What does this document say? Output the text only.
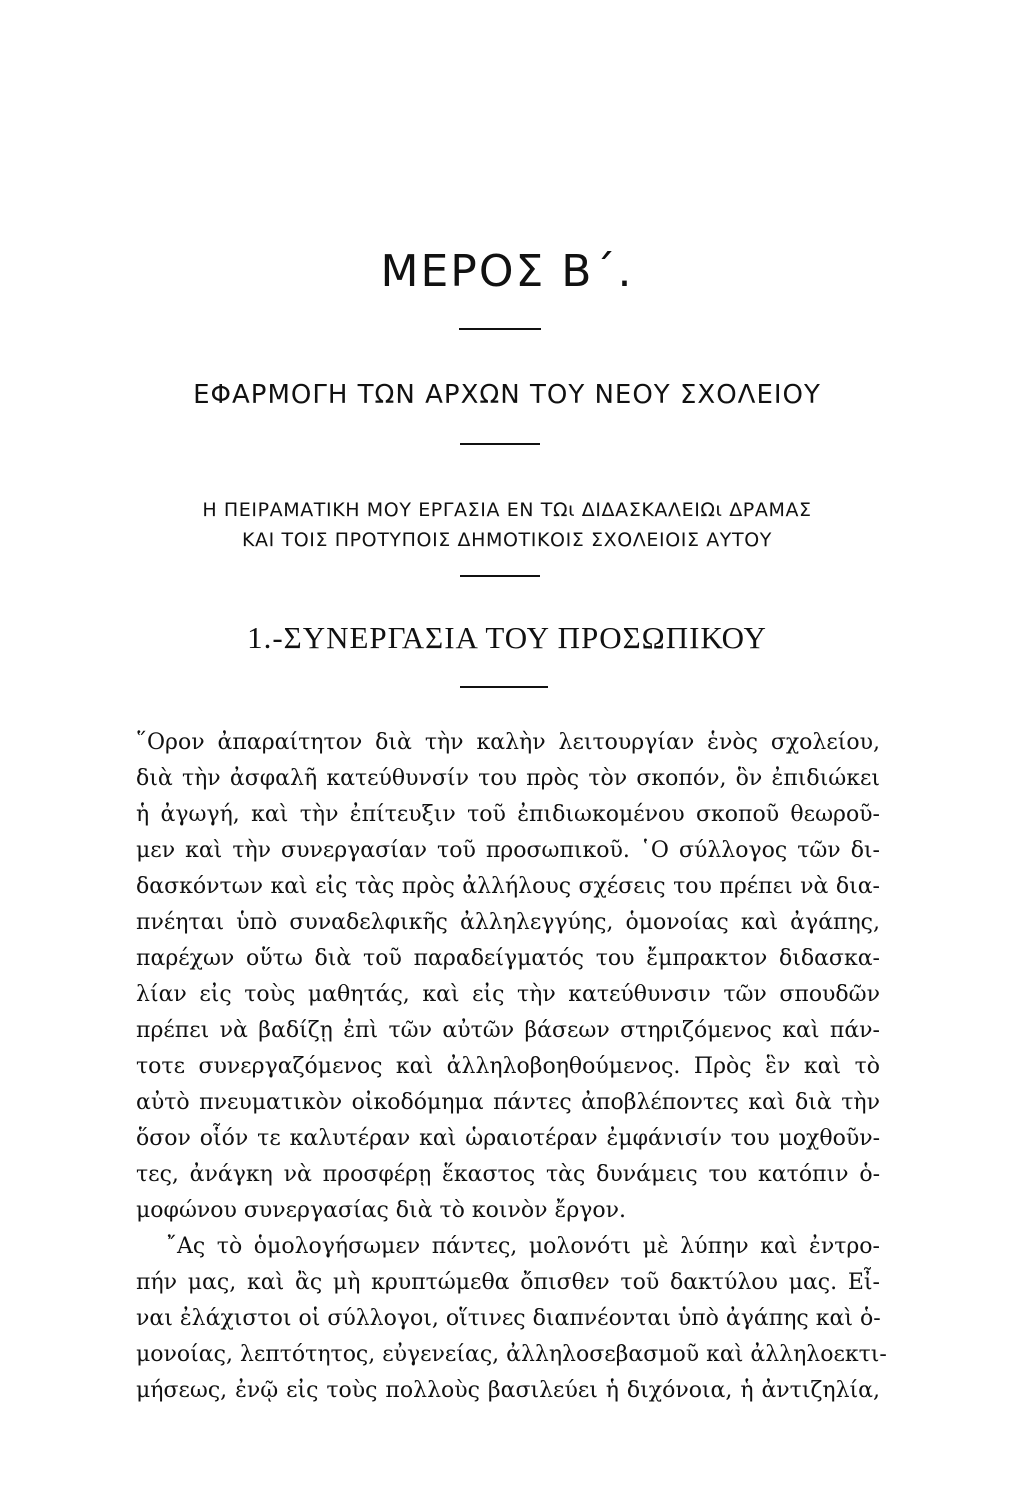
ΜΕΡΟΣ Β΄.
ΕΦΑΡΜΟΓΗ ΤΩΝ ΑΡΧΩΝ ΤΟΥ ΝΕΟΥ ΣΧΟΛΕΙΟΥ
Η ΠΕΙΡΑΜΑΤΙΚΗ ΜΟΥ ΕΡΓΑΣΙΑ ΕΝ ΤΩι ΔΙΔΑΣΚΑΛΕΙΩι ΔΡΑΜΑΣ
ΚΑΙ ΤΟΙΣ ΠΡΟΤΥΠΟΙΣ ΔΗΜΟΤΙΚΟΙΣ ΣΧΟΛΕΙΟΙΣ ΑΥΤΟΥ
1.-ΣΥΝΕΡΓΑΣΙΑ ΤΟΥ ΠΡΟΣΩΠΙΚΟΥ
῞Ορον ἀπαραίτητον διὰ τὴν καλὴν λειτουργίαν ἑνὸς σχολείου,
διὰ τὴν ἀσφαλῆ κατεύθυνσίν του πρὸς τὸν σκοπόν, ὃν ἐπιδιώκει
ἡ ἀγωγή, καὶ τὴν ἐπίτευξιν τοῦ ἐπιδιωκομένου σκοποῦ θεωροῦ-
μεν καὶ τὴν συνεργασίαν τοῦ προσωπικοῦ. ῾Ο σύλλογος τῶν δι-
δασκόντων καὶ εἰς τὰς πρὸς ἀλλήλους σχέσεις του πρέπει νὰ δια-
πνέηται ὑπὸ συναδελφικῆς ἀλληλεγγύης, ὁμονοίας καὶ ἀγάπης,
παρέχων οὕτω διὰ τοῦ παραδείγματός του ἔμπρακτον διδασκα-
λίαν εἰς τοὺς μαθητάς, καὶ εἰς τὴν κατεύθυνσιν τῶν σπουδῶν
πρέπει νὰ βαδίζῃ ἐπὶ τῶν αὐτῶν βάσεων στηριζόμενος καὶ πάν-
τοτε συνεργαζόμενος καὶ ἀλληλοβοηθούμενος. Πρὸς ἓν καὶ τὸ
αὐτὸ πνευματικὸν οἰκοδόμημα πάντες ἀποβλέποντες καὶ διὰ τὴν
ὅσον οἷόν τε καλυτέραν καὶ ὡραιοτέραν ἐμφάνισίν του μοχθοῦν-
τες, ἀνάγκη νὰ προσφέρῃ ἕκαστος τὰς δυνάμεις του κατόπιν ὁ-
μοφώνου συνεργασίας διὰ τὸ κοινὸν ἔργον.
῎Ας τὸ ὁμολογήσωμεν πάντες, μολονότι μὲ λύπην καὶ ἐντρο-
πήν μας, καὶ ἂς μὴ κρυπτώμεθα ὄπισθεν τοῦ δακτύλου μας. Εἶ-
ναι ἐλάχιστοι οἱ σύλλογοι, οἵτινες διαπνέονται ὑπὸ ἀγάπης καὶ ὁ-
μονοίας, λεπτότητος, εὐγενείας, ἀλληλοσεβασμοῦ καὶ ἀλληλοεκτι-
μήσεως, ἐνῷ εἰς τοὺς πολλοὺς βασιλεύει ἡ διχόνοια, ἡ ἀντιζηλία,
